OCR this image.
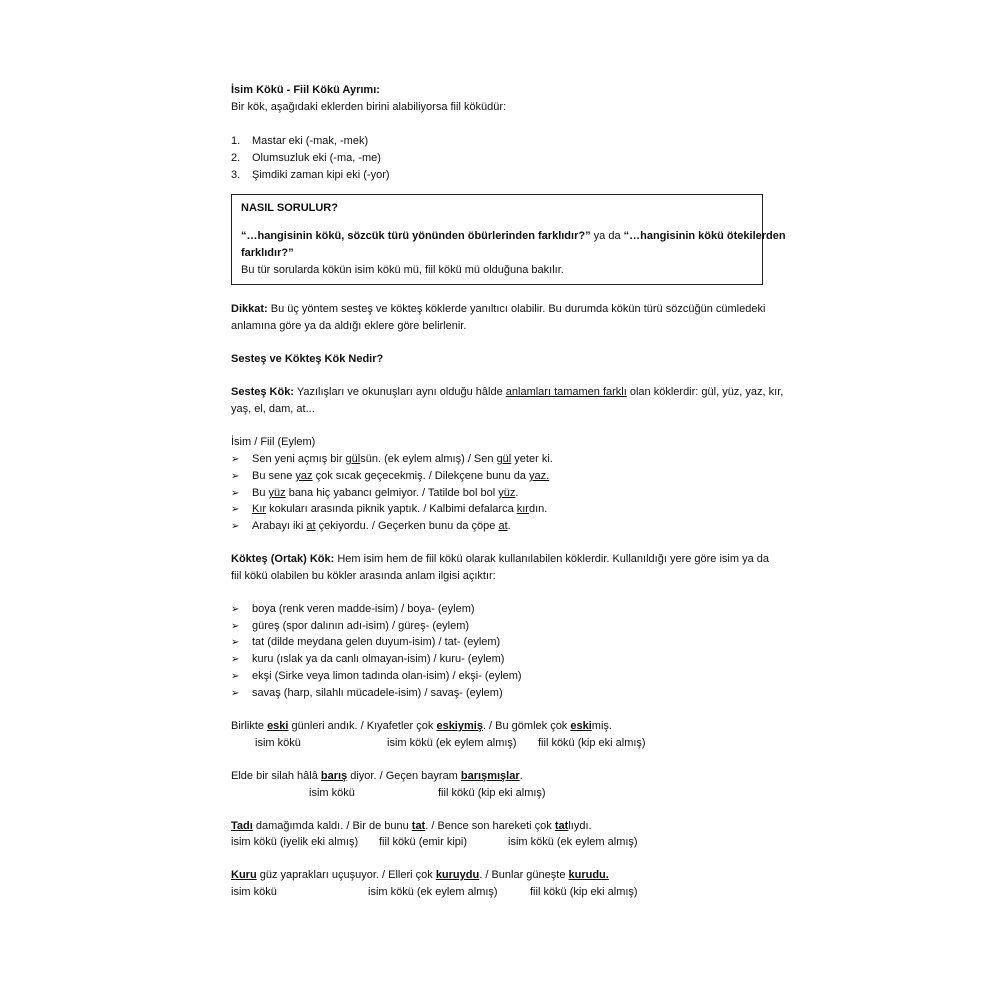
İsim Kökü - Fiil Kökü Ayrımı:
Bir kök, aşağıdaki eklerden birini alabiliyorsa fiil köküdür:
1. Mastar eki (-mak, -mek)
2. Olumsuzluk eki (-ma, -me)
3. Şimdiki zaman kipi eki (-yor)
NASIL SORULUR?
“…hangisinin kökü, sözcük türü yönünden öbürlerinden farklıdır?” ya da “…hangisinin kökü ötekilerden
farklıdır?”
Bu tür sorularda kökün isim kökü mü, fiil kökü mü olduğuna bakılır.
Dikkat: Bu üç yöntem sesteş ve kökteş köklerde yanıltıcı olabilir. Bu durumda kökün türü sözcüğün cümledeki
anlamına göre ya da aldığı eklere göre belirlenir.
Sesteş ve Kökteş Kök Nedir?
Sesteş Kök: Yazılışları ve okunuşları aynı olduğu hâlde anlamları tamamen farklı olan köklerdir: gül, yüz, yaz, kır,
yaş, el, dam, at...
İsim / Fiil (Eylem)
➢ Sen yeni açmış bir gülsün. (ek eylem almış) / Sen gül yeter ki.
➢ Bu sene yaz çok sıcak geçecekmiş. / Dilekçene bunu da yaz.
➢ Bu yüz bana hiç yabancı gelmiyor. / Tatilde bol bol yüz.
➢ Kır kokuları arasında piknik yaptık. / Kalbimi defalarca kırdın.
➢ Arabayı iki at çekiyordu. / Geçerken bunu da çöpe at.
Kökteş (Ortak) Kök: Hem isim hem de fiil kökü olarak kullanılabilen köklerdir. Kullanıldığı yere göre isim ya da
fiil kökü olabilen bu kökler arasında anlam ilgisi açıktır:
➢ boya (renk veren madde-isim) / boya- (eylem)
➢ güreş (spor dalının adı-isim) / güreş- (eylem)
➢ tat (dilde meydana gelen duyum-isim) / tat- (eylem)
➢ kuru (ıslak ya da canlı olmayan-isim) / kuru- (eylem)
➢ ekşi (Sirke veya limon tadında olan-isim) / ekşi- (eylem)
➢ savaş (harp, silahlı mücadele-isim) / savaş- (eylem)
Birlikte eski günleri andık. / Kıyafetler çok eskiymiş. / Bu gömlek çok eskimiş.
isim kökü	isim kökü (ek eylem almış) fiil kökü (kip eki almış)
Elde bir silah hâlâ barış diyor. / Geçen bayram barışmışlar.
isim kökü	fiil kökü (kip eki almış)
Tadı damağımda kaldı. / Bir de bunu tat. / Bence son hareketi çok tatlıydı.
isim kökü (iyelik eki almış) fiil kökü (emir kipi)	isim kökü (ek eylem almış)
Kuru güz yaprakları uçuşuyor. / Elleri çok kuruydu. / Bunlar güneşte kurudu.
isim kökü	isim kökü (ek eylem almış)	fiil kökü (kip eki almış)
